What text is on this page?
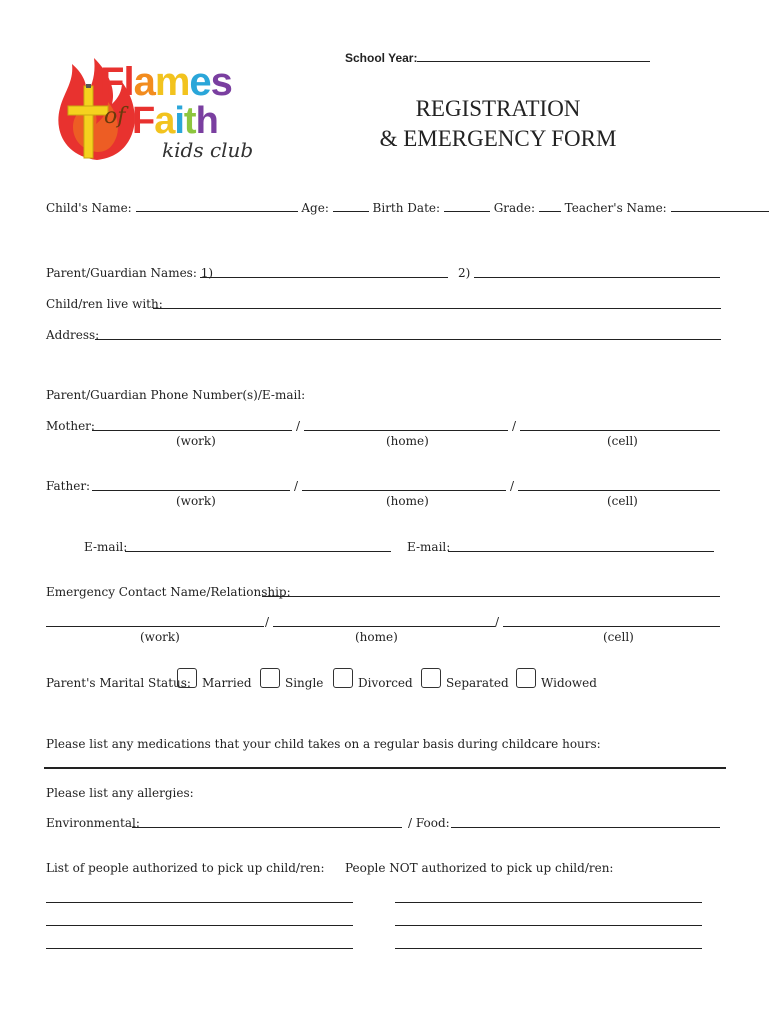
School Year:
Flames
of Faith
kids club
REGISTRATION
& EMERGENCY FORM
Child's Name:	Age:	Birth Date:	Grade: Teacher's Name:
Parent/Guardian Names: 1)	2)
Child/ren live with:
Address:
Parent/Guardian Phone Number(s)/E-mail:
Mother:	/	/
(work)	(home)	(cell)
Father:	/	/
(work)	(home)	(cell)
E-mail:	E-mail:
Emergency Contact Name/Relationship:
/	/
(work)	(home)	(cell)
Parent's Marital Status: Married	Single	Divorced	Separated	Widowed
Please list any medications that your child takes on a regular basis during childcare hours:
Please list any allergies:
Environmental:	/ Food:
List of people authorized to pick up child/ren: People NOT authorized to pick up child/ren:
